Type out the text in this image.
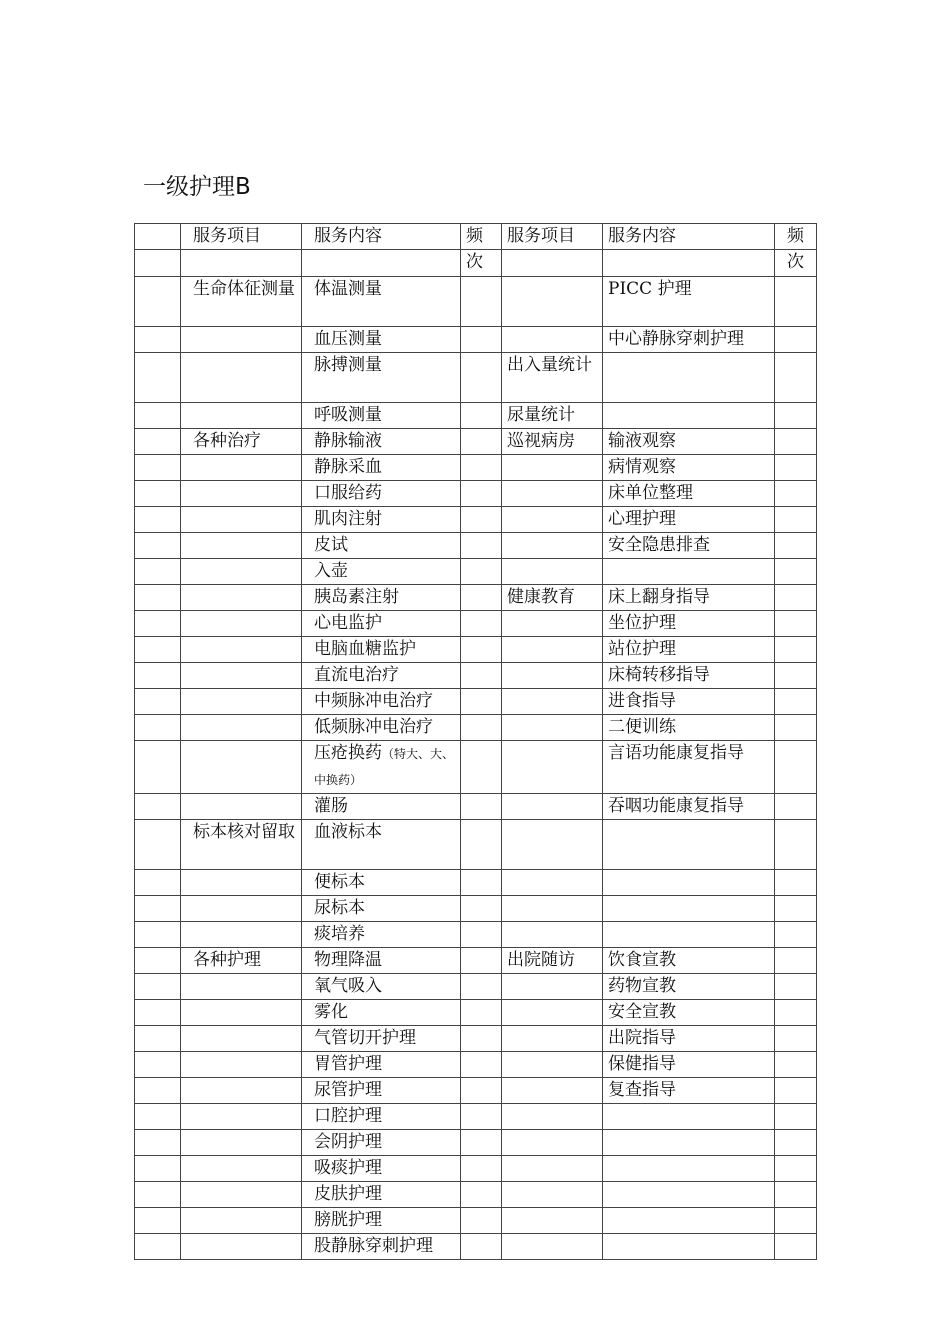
一级护理B
	服务项目	服务内容	频	服务项目	服务内容	频
			次			次
	生命体征测量	体温测量			PICC 护理	
		血压测量			中心静脉穿刺护理	
		脉搏测量		出入量统计		
		呼吸测量		尿量统计		
	各种治疗	静脉输液		巡视病房	输液观察	
		静脉采血			病情观察	
		口服给药			床单位整理	
		肌肉注射			心理护理	
		皮试			安全隐患排查	
		入壶				
		胰岛素注射		健康教育	床上翻身指导	
		心电监护			坐位护理	
		电脑血糖监护			站位护理	
		直流电治疗			床椅转移指导	
		中频脉冲电治疗			进食指导	
		低频脉冲电治疗			二便训练	
		压疮换药（特大、大、中换药）			言语功能康复指导	
		灌肠			吞咽功能康复指导	
	标本核对留取	血液标本				
		便标本				
		尿标本				
		痰培养				
	各种护理	物理降温		出院随访	饮食宣教	
		氧气吸入			药物宣教	
		雾化			安全宣教	
		气管切开护理			出院指导	
		胃管护理			保健指导	
		尿管护理			复查指导	
		口腔护理				
		会阴护理				
		吸痰护理				
		皮肤护理				
		膀胱护理				
		股静脉穿刺护理				
